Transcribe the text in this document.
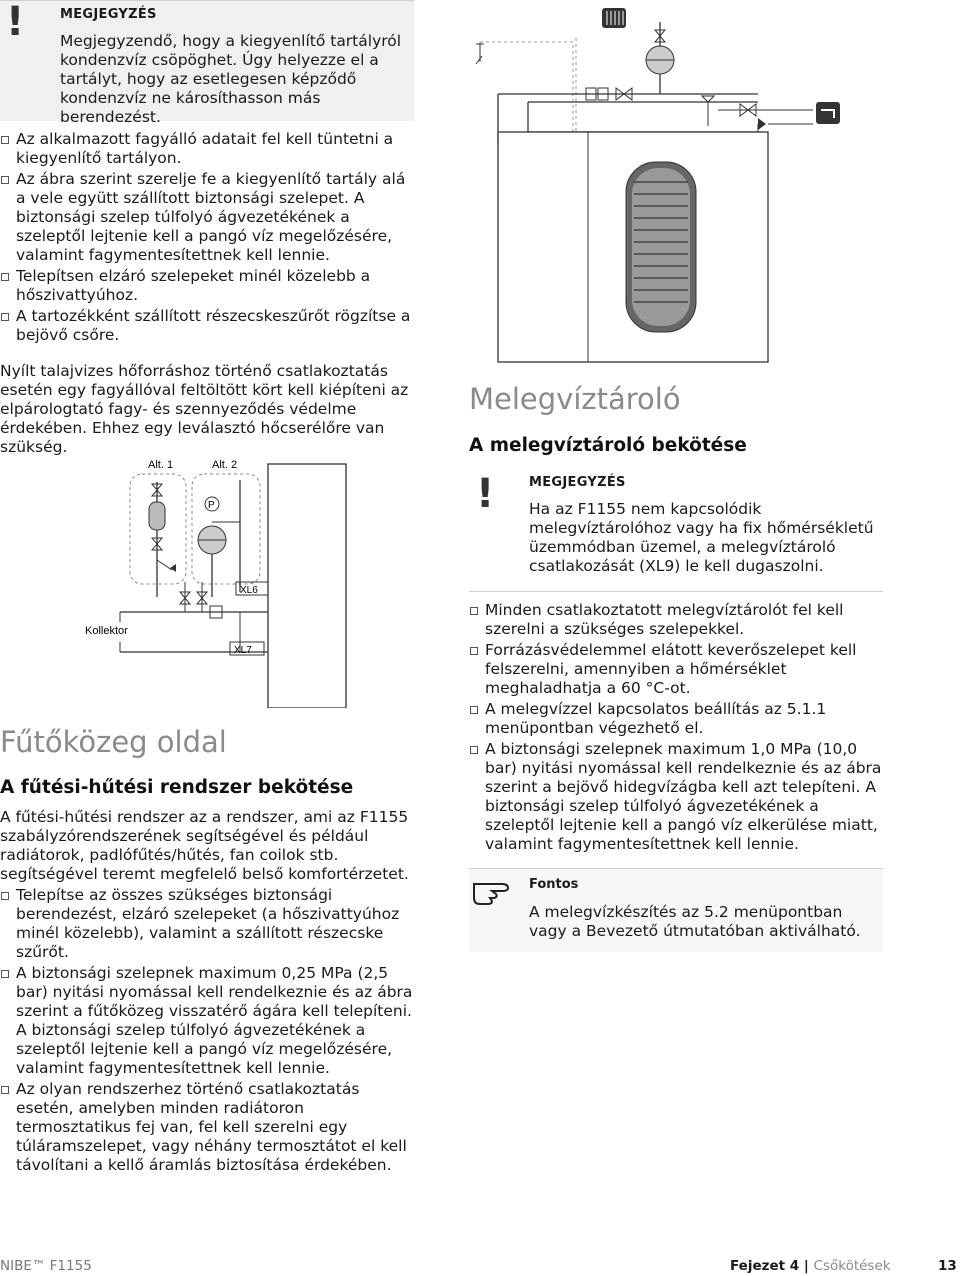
!	MEGJEGYZÉS
Megjegyzendő, hogy a kiegyenlítő tartályról kondenzvíz csöpöghet. Úgy helyezze el a tartályt, hogy az esetlegesen képződő kondenzvíz ne károsíthasson más berendezést.
Az alkalmazott fagyálló adatait fel kell tüntetni a kiegyenlítő tartályon.
Az ábra szerint szerelje fe a kiegyenlítő tartály alá a vele együtt szállított biztonsági szelepet. A biztonsági szelep túlfolyó ágvezetékének a szeleptől lejtenie kell a pangó víz megelőzésére, valamint fagymentesítettnek kell lennie.
Telepítsen elzáró szelepeket minél közelebb a hőszivattyúhoz.
A tartozékként szállított részecskeszűrőt rögzítse a bejövő csőre.
Nyílt talajvizes hőforráshoz történő csatlakoztatás esetén egy fagyállóval feltöltött kört kell kiépíteni az elpárologtató fagy- és szennyeződés védelme érdekében. Ehhez egy leválasztó hőcserélőre van szükség.
Alt. 1	Alt. 2
P
XL6
XL7
Kollektor
Fűtőközeg oldal
A fűtési-hűtési rendszer bekötése
A fűtési-hűtési rendszer az a rendszer, ami az F1155 szabályzórendszerének segítségével és például radiátorok, padlófűtés/hűtés, fan coilok stb. segítségével teremt megfelelő belső komfortérzetet.
Telepítse az összes szükséges biztonsági berendezést, elzáró szelepeket (a hőszivattyúhoz minél közelebb), valamint a szállított részecske szűrőt.
A biztonsági szelepnek maximum 0,25 MPa (2,5 bar) nyitási nyomással kell rendelkeznie és az ábra szerint a fűtőközeg visszatérő ágára kell telepíteni. A biztonsági szelep túlfolyó ágvezetékének a szeleptől lejtenie kell a pangó víz megelőzésére, valamint fagymentesítettnek kell lennie.
Az olyan rendszerhez történő csatlakoztatás esetén, amelyben minden radiátoron termosztatikus fej van, fel kell szerelni egy túláramszelepet, vagy néhány termosztátot el kell távolítani a kellő áramlás biztosítása érdekében.
Melegvíztároló
A melegvíztároló bekötése
!	MEGJEGYZÉS
Ha az F1155 nem kapcsolódik melegvíztárolóhoz vagy ha fix hőmérsékletű üzemmódban üzemel, a melegvíztároló csatlakozását (XL9) le kell dugaszolni.
Minden csatlakoztatott melegvíztárolót fel kell szerelni a szükséges szelepekkel.
Forrázásvédelemmel elátott keverőszelepet kell felszerelni, amennyiben a hőmérséklet meghaladhatja a 60 °C-ot.
A melegvízzel kapcsolatos beállítás az 5.1.1 menüpontban végezhető el.
A biztonsági szelepnek maximum 1,0 MPa (10,0 bar) nyitási nyomással kell rendelkeznie és az ábra szerint a bejövő hidegvízágba kell azt telepíteni. A biztonsági szelep túlfolyó ágvezetékének a szeleptől lejtenie kell a pangó víz elkerülése miatt, valamint fagymentesítettnek kell lennie.
Fontos
A melegvízkészítés az 5.2 menüpontban vagy a Bevezető útmutatóban aktiválható.
NIBE™ F1155	Fejezet 4 | Csőkötések	13
